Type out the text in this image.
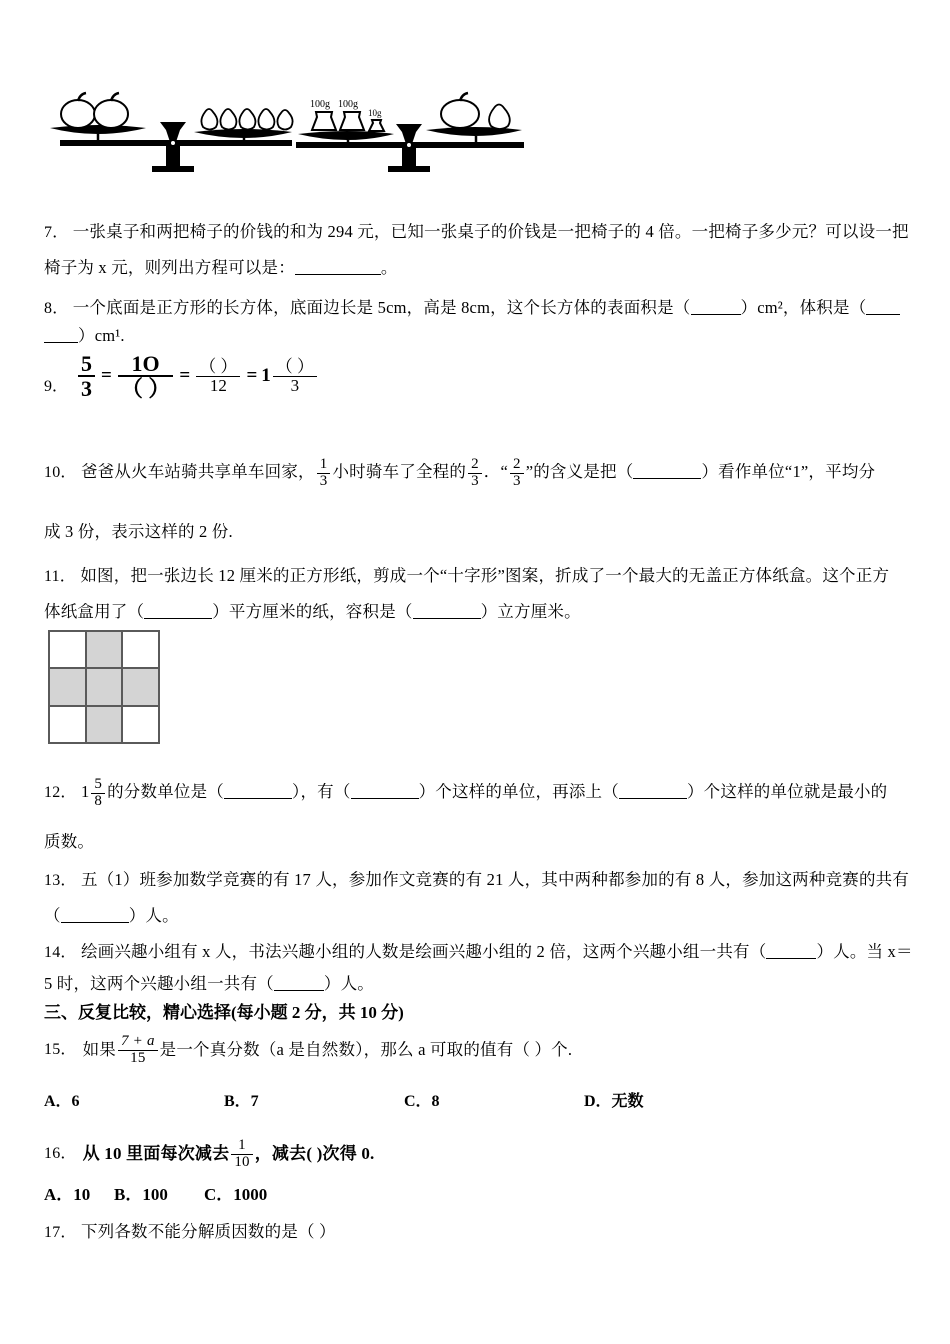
100g 100g
10g
7． 一张桌子和两把椅子的价钱的和为 294 元，已知一张桌子的价钱是一把椅子的 4 倍。一把椅子多少元？可以设一把
椅子为 x 元，则列出方程可以是：	。
8． 一个底面是正方形的长方体，底面边长是 5cm，高是 8cm，这个长方体的表面积是（	）cm²，体积是（
）cm¹.
9． $\frac{5}{3} = \frac{1O}{( )} = \frac{( )}{12} = 1 \frac{( )}{3}$
10． 爸爸从火车站骑共享单车回家， $\frac{1}{3}$ 小时骑车了全程的 $\frac{2}{3}$ ．“ $\frac{2}{3}$ ”的含义是把（	）看作单位“1”，平均分
成 3 份，表示这样的 2 份.
11． 如图，把一张边长 12 厘米的正方形纸，剪成一个“十字形”图案，折成了一个最大的无盖正方体纸盒。这个正方
体纸盒用了（	）平方厘米的纸，容积是（	）立方厘米。
12． $1 \frac{5}{8}$ 的分数单位是（	），有（	）个这样的单位，再添上（	）个这样的单位就是最小的
质数。
13． 五（1）班参加数学竞赛的有 17 人，参加作文竞赛的有 21 人，其中两种都参加的有 8 人，参加这两种竞赛的共有
（	）人。
14． 绘画兴趣小组有 x 人，书法兴趣小组的人数是绘画兴趣小组的 2 倍，这两个兴趣小组一共有（	）人。当 x＝
5 时，这两个兴趣小组一共有（	）人。
三、反复比较，精心选择(每小题 2 分，共 10 分)
15． 如果 $\frac{7 + a}{15}$ 是一个真分数（a 是自然数），那么 a 可取的值有（ ）个.
A．6	B．7	C．8	D．无数
16． 从 10 里面每次减去 $\frac{1}{10}$ ，减去( )次得 0.
A．10 B．100 C．1000
17． 下列各数不能分解质因数的是（ ）
